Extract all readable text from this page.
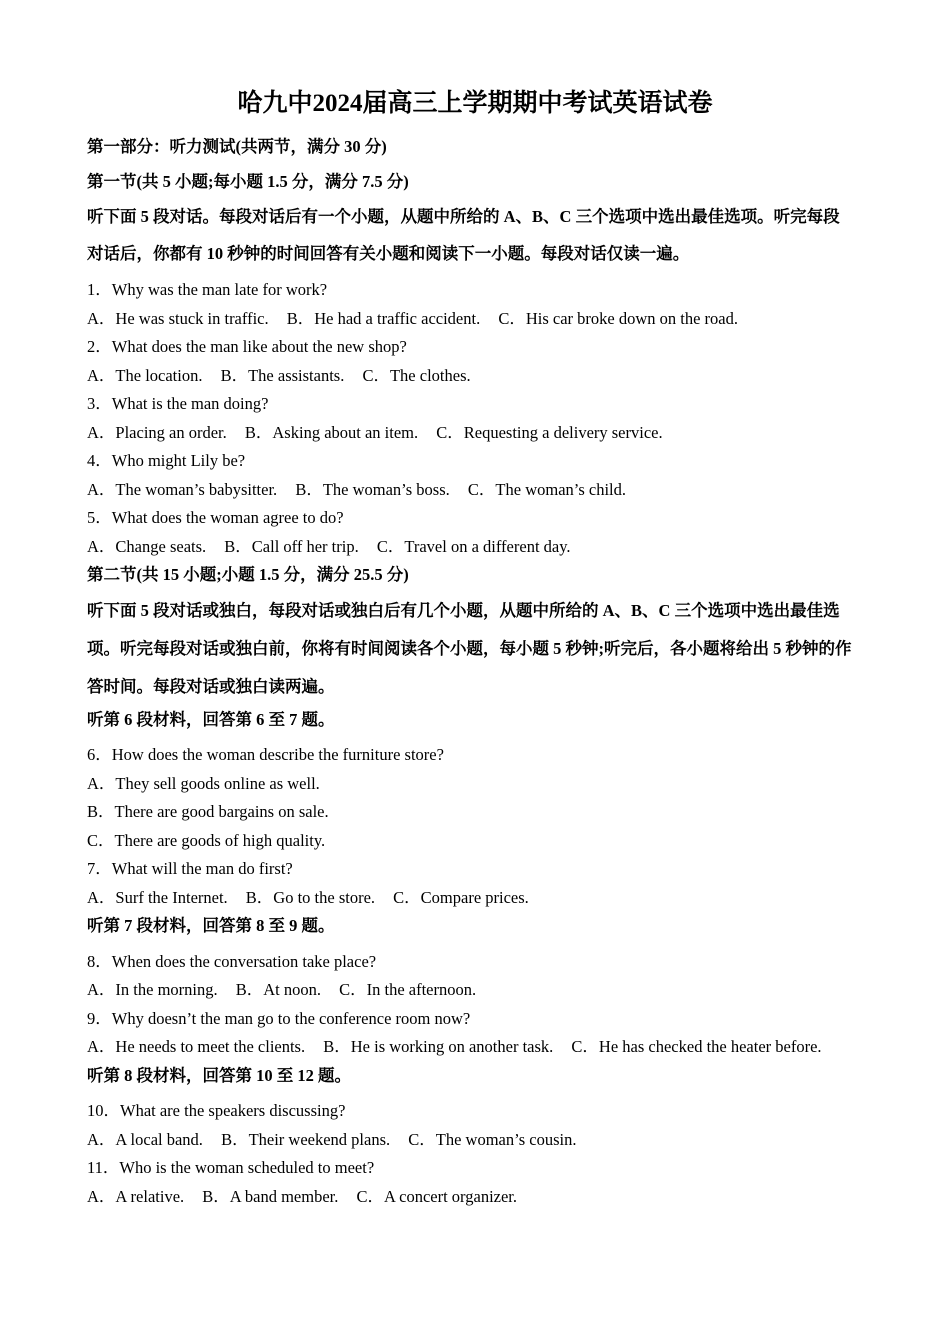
哈九中2024届高三上学期期中考试英语试卷
第一部分：听力测试(共两节，满分 30 分)
第一节(共 5 小题;每小题 1.5 分，满分 7.5 分)
听下面 5 段对话。每段对话后有一个小题，从题中所给的 A、B、C 三个选项中选出最佳选项。听完每段
对话后，你都有 10 秒钟的时间回答有关小题和阅读下一小题。每段对话仅读一遍。
1．Why was the man late for work?
A．He was stuck in traffic. B．He had a traffic accident. C．His car broke down on the road.
2．What does the man like about the new shop?
A．The location. B．The assistants. C．The clothes.
3．What is the man doing?
A．Placing an order. B．Asking about an item. C．Requesting a delivery service.
4．Who might Lily be?
A．The woman’s babysitter. B．The woman’s boss. C．The woman’s child.
5．What does the woman agree to do?
A．Change seats. B．Call off her trip. C．Travel on a different day.
第二节(共 15 小题;小题 1.5 分，满分 25.5 分)
听下面 5 段对话或独白，每段对话或独白后有几个小题，从题中所给的 A、B、C 三个选项中选出最佳选
项。听完每段对话或独白前，你将有时间阅读各个小题，每小题 5 秒钟;听完后，各小题将给出 5 秒钟的作
答时间。每段对话或独白读两遍。
听第 6 段材料，回答第 6 至 7 题。
6．How does the woman describe the furniture store?
A．They sell goods online as well.
B．There are good bargains on sale.
C．There are goods of high quality.
7．What will the man do first?
A．Surf the Internet. B．Go to the store. C．Compare prices.
听第 7 段材料，回答第 8 至 9 题。
8．When does the conversation take place?
A．In the morning. B．At noon. C．In the afternoon.
9．Why doesn’t the man go to the conference room now?
A．He needs to meet the clients. B．He is working on another task. C．He has checked the heater before.
听第 8 段材料，回答第 10 至 12 题。
10．What are the speakers discussing?
A．A local band. B．Their weekend plans. C．The woman’s cousin.
11．Who is the woman scheduled to meet?
A．A relative. B．A band member. C．A concert organizer.
